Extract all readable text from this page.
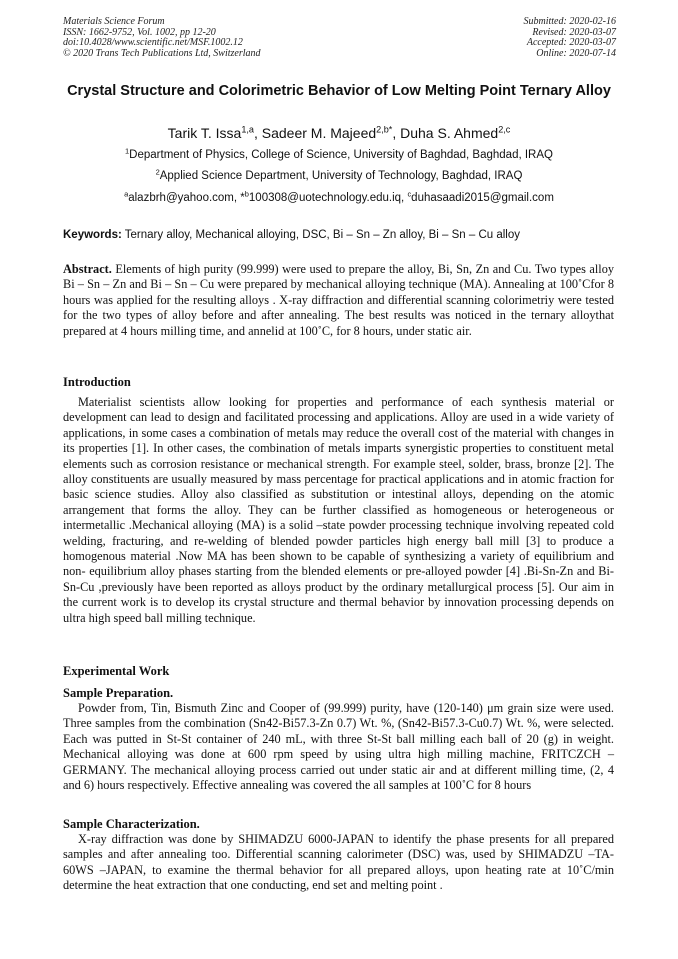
Materials Science Forum
ISSN: 1662-9752, Vol. 1002, pp 12-20
doi:10.4028/www.scientific.net/MSF.1002.12
© 2020 Trans Tech Publications Ltd, Switzerland
Submitted: 2020-02-16
Revised: 2020-03-07
Accepted: 2020-03-07
Online: 2020-07-14
Crystal Structure and Colorimetric Behavior of Low Melting Point Ternary Alloy
Tarik T. Issa$^{1,a}$, Sadeer M. Majeed$^{2,b*}$, Duha S. Ahmed$^{2,c}$
$^1$Department of Physics, College of Science, University of Baghdad, Baghdad, IRAQ
$^2$Applied Science Department, University of Technology, Baghdad, IRAQ
$^a$alazbrh@yahoo.com, *$^b$100308@uotechnology.edu.iq, $^c$duhasaadi2015@gmail.com
Keywords: Ternary alloy, Mechanical alloying, DSC, Bi – Sn – Zn alloy, Bi – Sn – Cu alloy

Abstract. Elements of high purity (99.999) were used to prepare the alloy, Bi, Sn, Zn and Cu. Two types alloy Bi – Sn – Zn and Bi – Sn – Cu were prepared by mechanical alloying technique (MA). Annealing at 100˚Cfor 8 hours was applied for the resulting alloys . X-ray diffraction and differential scanning colorimetriy were tested for the two types of alloy before and after annealing. The best results was noticed in the ternary alloythat prepared at 4 hours milling time, and annelid at 100˚C, for 8 hours, under static air.

Introduction

Materialist scientists allow looking for properties and performance of each synthesis material or development can lead to design and facilitated processing and applications. Alloy are used in a wide variety of applications, in some cases a combination of metals may reduce the overall cost of the material with changes in its properties [1]. In other cases, the combination of metals imparts synergistic properties to constituent metal elements such as corrosion resistance or mechanical strength. For example steel, solder, brass, bronze [2]. The alloy constituents are usually measured by mass percentage for practical applications and in atomic fraction for basic science studies. Alloy also classified as substitution or intestinal alloys, depending on the atomic arrangement that forms the alloy. They can be further classified as homogeneous or heterogeneous or intermetallic .Mechanical alloying (MA) is a solid –state powder processing technique involving repeated cold welding, fracturing, and re-welding of blended powder particles high energy ball mill [3] to produce a homogenous material .Now MA has been shown to be capable of synthesizing a variety of equilibrium and non- equilibrium alloy phases starting from the blended elements or pre-alloyed powder [4] .Bi-Sn-Zn and Bi-Sn-Cu ,previously have been reported as alloys product by the ordinary metallurgical process [5]. Our aim in the current work is to develop its crystal structure and thermal behavior by innovation processing depends on ultra high speed ball milling technique.

Experimental Work
Sample Preparation.

Powder from, Tin, Bismuth Zinc and Cooper of (99.999) purity, have (120-140) μm grain size were used. Three samples from the combination (Sn42-Bi57.3-Zn 0.7) Wt. %, (Sn42-Bi57.3-Cu0.7) Wt. %, were selected. Each was putted in St-St container of 240 mL, with three St-St ball milling each ball of 20 (g) in weight. Mechanical alloying was done at 600 rpm speed by using ultra high milling machine, FRITCZCH –GERMANY. The mechanical alloying process carried out under static air and at different milling time, (2, 4 and 6) hours respectively. Effective annealing was covered the all samples at 100˚C for 8 hours

Sample Characterization.

X-ray diffraction was done by SHIMADZU 6000-JAPAN to identify the phase presents for all prepared samples and after annealing too. Differential scanning calorimeter (DSC) was, used by SHIMADZU –TA-60WS –JAPAN, to examine the thermal behavior for all prepared alloys, upon heating rate at 10˚C/min determine the heat extraction that one conducting, end set and melting point .
